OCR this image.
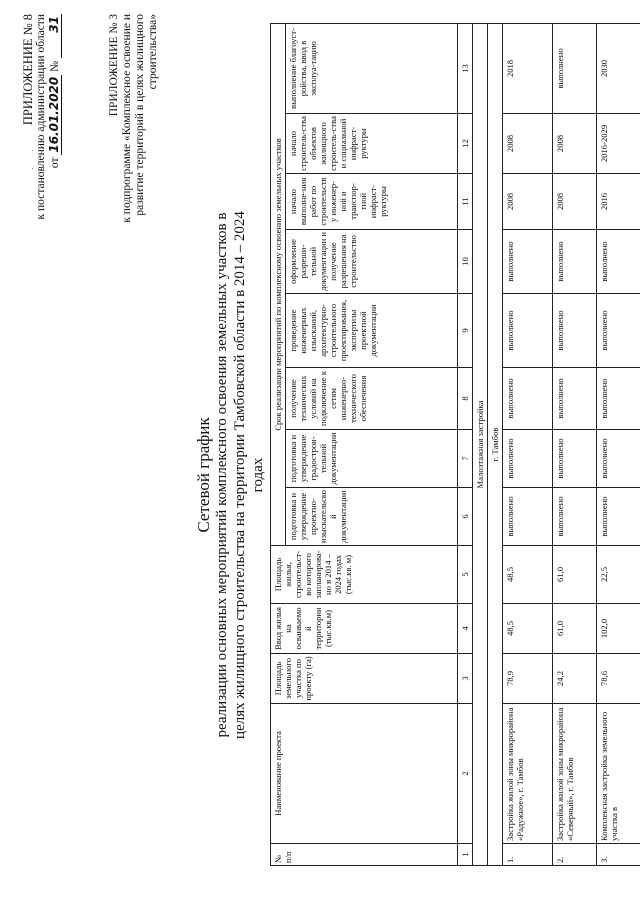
ПРИЛОЖЕНИЕ № 8 к постановлению администрации области от 16.01.2020 № 31	ПРИЛОЖЕНИЕ № 3 к подпрограмме «Комплексное освоение и развитие территорий в целях жилищного строительства»
Сетевой график реализации основных мероприятий комплексного освоения земельных участков в целях жилищного строительства на территории Тамбовской области в 2014 – 2024 годах
№ п/п	Наименование проекта	Площадь земельного участка по проекту (га)	Ввод жилья на осваиваемой территории (тыс.кв.м)	Площадь жилья, строительст-во которого запланирова-но в 2014 – 2024 годах (тыс.кв. м)	Срок реализации мероприятий по комплексному освоению земельных участков							
					подготовка и утверждение проектно-изыскательской документации	подготовка и утверждение градострои-тельной документации	получение технических условий на подключение к сетям инженерно-технического обеспечения	проведение инженерных изысканий, архитектурно-строительного проектирования, экспертизы проектной документации	оформление разреши-тельной документации и получение разрешения на строительство	начало выполне-ния работ по строительству инженер-ной и транспор-тной инфраст-руктуры	начало строитель-ства объектов жилищного строитель-ства и социальной инфраст-руктуры	выполнение благоуст-ройства, ввод в эксплуа-тацию
1	2	3	4	5	6	7	8	9	10	11	12	13
Малоэтажная застройка												
г. Тамбов												
1.	Застройка жилой зоны микрорайона «Радужное», г. Тамбов	78,9	48,5	48,5	выполнено	выполнено	выполнено	выполнено	выполнено	2008	2008	2018
2.	Застройка жилой зоны микрорайона «Северный», г. Тамбов	24,2	61,0	61,0	выполнено	выполнено	выполнено	выполнено	выполнено	2008	2008	выполнено
3.	Комплексная застройка земельного участка в	78,6	102,0	22,5	выполнено	выполнено	выполнено	выполнено	выполнено	2016	2016-2029	2030
